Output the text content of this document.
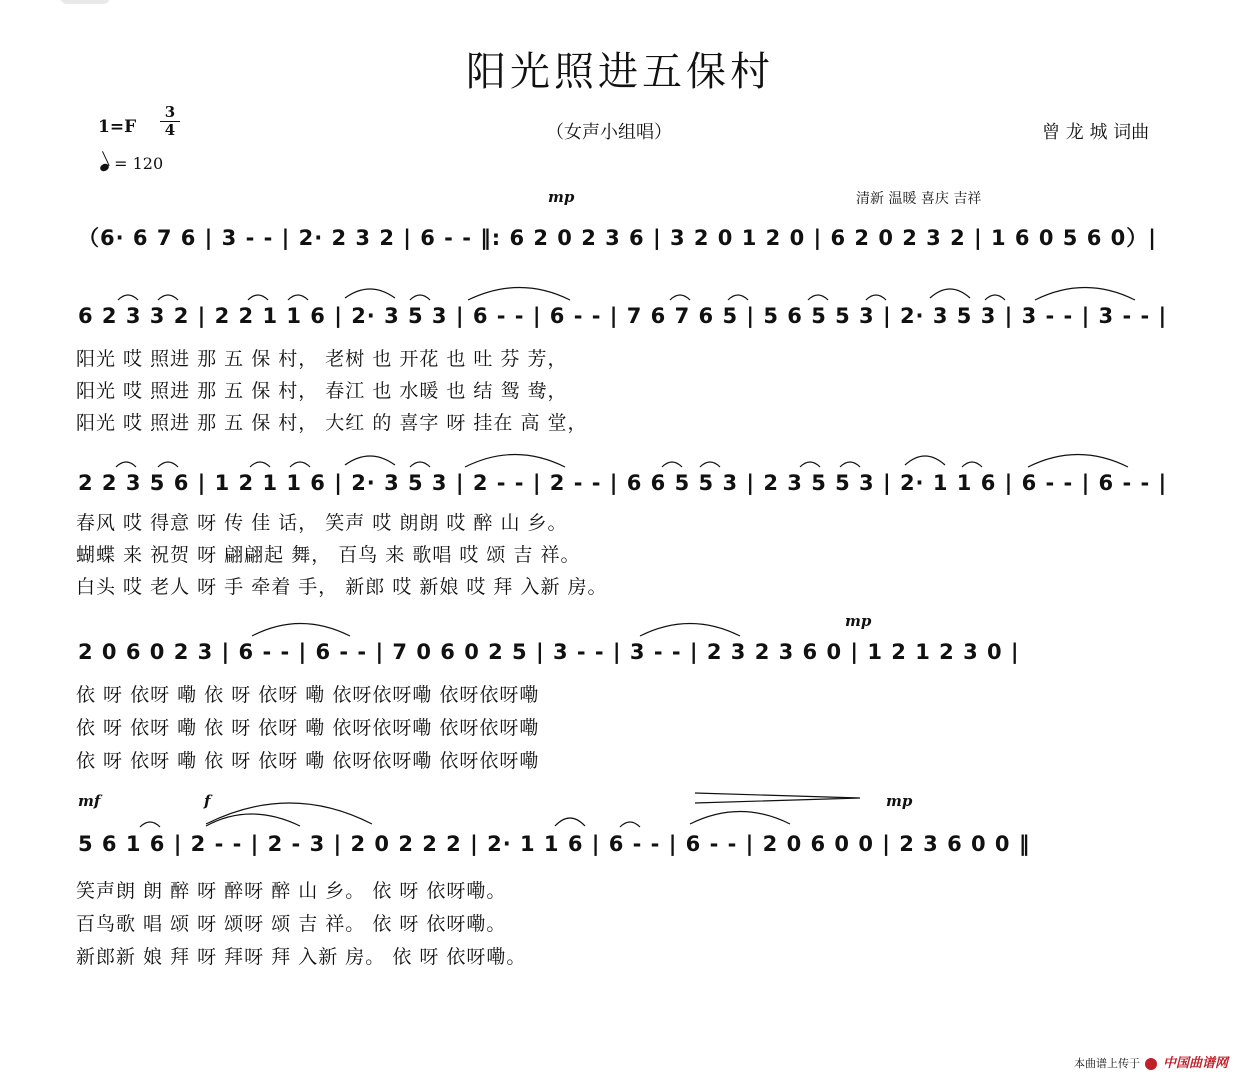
阳光照进五保村
1=F
3
4
= 120
（女声小组唱）	曾 龙 城 词曲
mp	清新 温暖 喜庆 吉祥
（6· 6 7 6 | 3 - - | 2· 2 3 2 | 6 - - ‖: 6 2 0 2 3 6 | 3 2 0 1 2 0 | 6 2 0 2 3 2 | 1 6 0 5 6 0）|
6 2 3 3 2 | 2 2 1 1 6 | 2· 3 5 3 | 6 - - | 6 - - | 7 6 7 6 5 | 5 6 5 5 3 | 2· 3 5 3 | 3 - - | 3 - - |
阳光 哎 照进 那 五 保 村， 老树 也 开花 也 吐 芬 芳，
阳光 哎 照进 那 五 保 村， 春江 也 水暖 也 结 鸳 鸯，
阳光 哎 照进 那 五 保 村， 大红 的 喜字 呀 挂在 高 堂，
2 2 3 5 6 | 1 2 1 1 6 | 2· 3 5 3 | 2 - - | 2 - - | 6 6 5 5 3 | 2 3 5 5 3 | 2· 1 1 6 | 6 - - | 6 - - |
春风 哎 得意 呀 传 佳 话， 笑声 哎 朗朗 哎 醉 山 乡。
蝴蝶 来 祝贺 呀 翩翩起 舞， 百鸟 来 歌唱 哎 颂 吉 祥。
白头 哎 老人 呀 手 牵着 手， 新郎 哎 新娘 哎 拜 入新 房。
mp
2 0 6 0 2 3 | 6 - - | 6 - - | 7 0 6 0 2 5 | 3 - - | 3 - - | 2 3 2 3 6 0 | 1 2 1 2 3 0 |
依 呀 依呀 嘞 依 呀 依呀 嘞 依呀依呀嘞 依呀依呀嘞
依 呀 依呀 嘞 依 呀 依呀 嘞 依呀依呀嘞 依呀依呀嘞
依 呀 依呀 嘞 依 呀 依呀 嘞 依呀依呀嘞 依呀依呀嘞
mf	f	mp
5 6 1 6 | 2 - - | 2 - 3 | 2 0 2 2 2 | 2· 1 1 6 | 6 - - | 6 - - | 2 0 6 0 0 | 2 3 6 0 0 ‖
笑声朗 朗 醉 呀 醉呀 醉 山 乡。 依 呀 依呀嘞。
百鸟歌 唱 颂 呀 颂呀 颂 吉 祥。 依 呀 依呀嘞。
新郎新 娘 拜 呀 拜呀 拜 入新 房。 依 呀 依呀嘞。
本曲谱上传于 中国曲谱网
